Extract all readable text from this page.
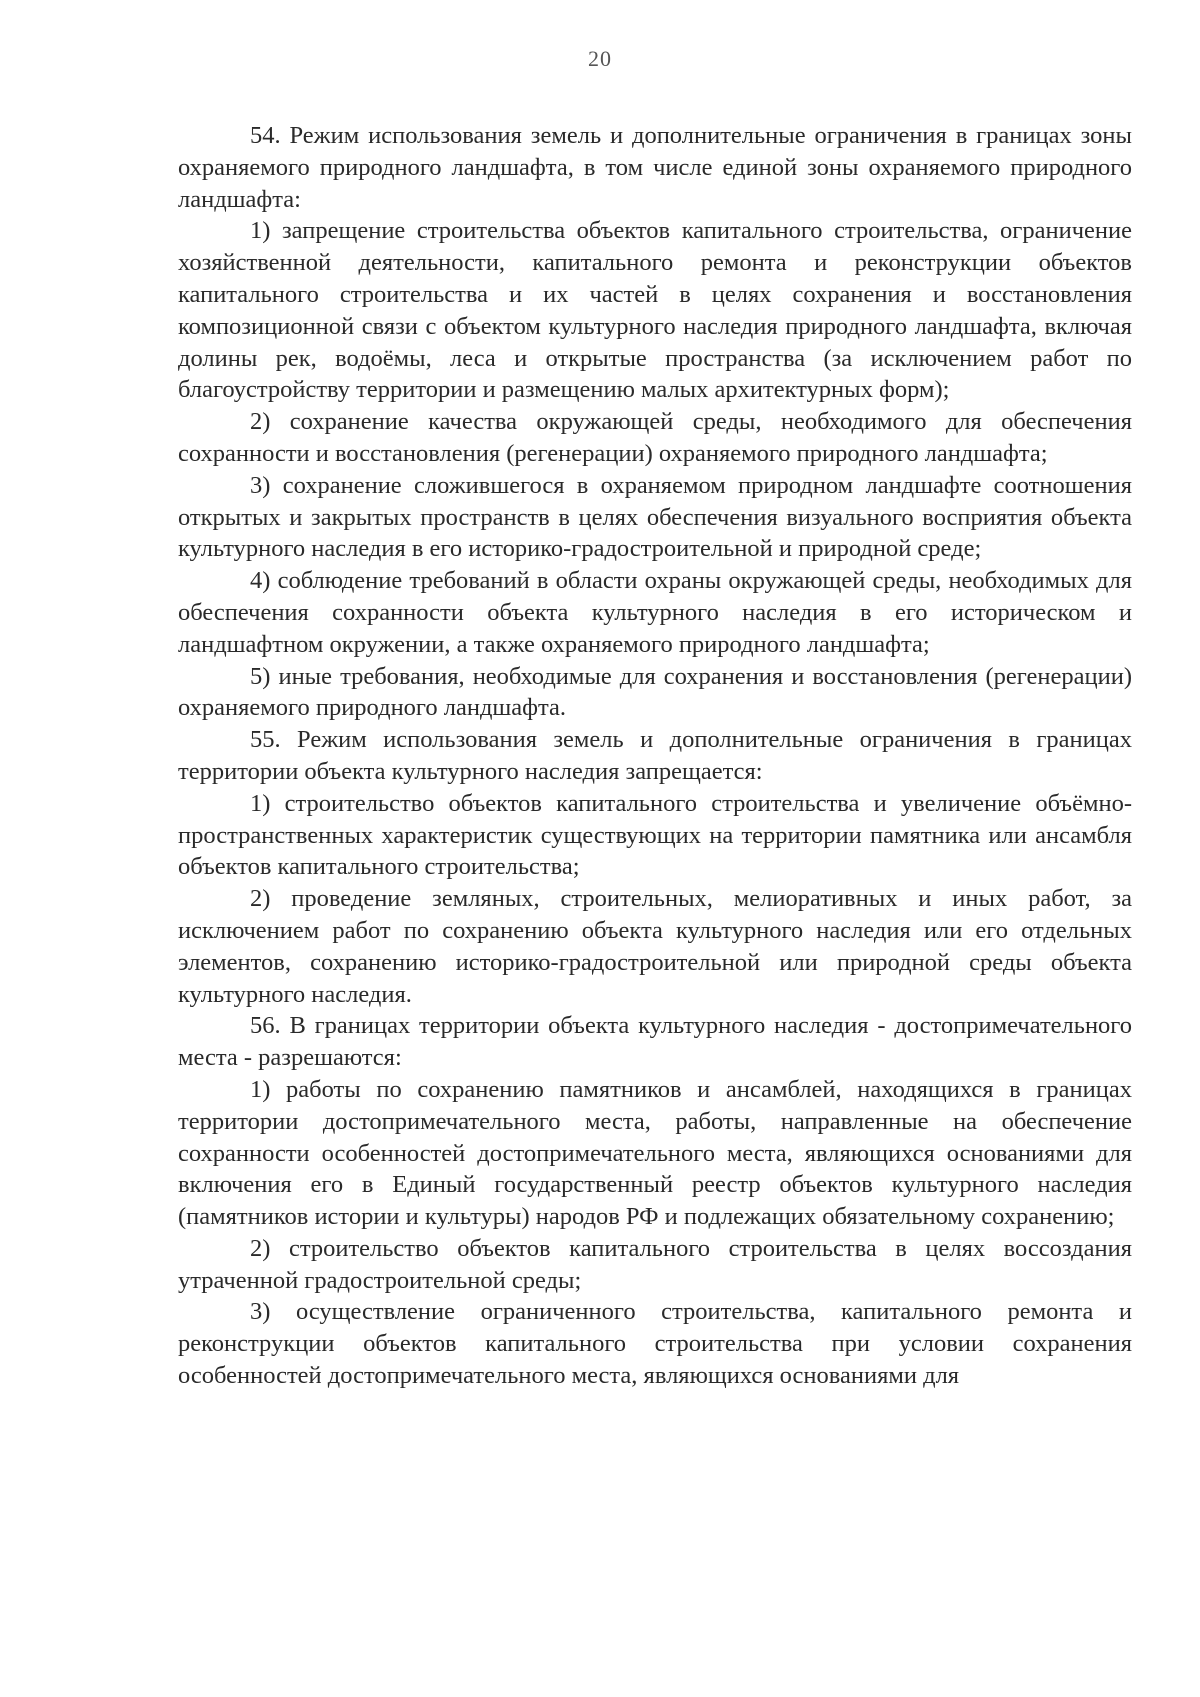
20

54. Режим использования земель и дополнительные ограничения в границах зоны охраняемого природного ландшафта, в том числе единой зоны охраняемого природного ландшафта:

1) запрещение строительства объектов капитального строительства, ограничение хозяйственной деятельности, капитального ремонта и реконструкции объектов капитального строительства и их частей в целях сохранения и восстановления композиционной связи с объектом культурного наследия природного ландшафта, включая долины рек, водоёмы, леса и открытые пространства (за исключением работ по благоустройству территории и размещению малых архитектурных форм);

2) сохранение качества окружающей среды, необходимого для обеспечения сохранности и восстановления (регенерации) охраняемого природного ландшафта;

3) сохранение сложившегося в охраняемом природном ландшафте соотношения открытых и закрытых пространств в целях обеспечения визуального восприятия объекта культурного наследия в его историко-градостроительной и природной среде;

4) соблюдение требований в области охраны окружающей среды, необходимых для обеспечения сохранности объекта культурного наследия в его историческом и ландшафтном окружении, а также охраняемого природного ландшафта;

5) иные требования, необходимые для сохранения и восстановления (регенерации) охраняемого природного ландшафта.

55. Режим использования земель и дополнительные ограничения в границах территории объекта культурного наследия запрещается:

1) строительство объектов капитального строительства и увеличение объёмно-пространственных характеристик существующих на территории памятника или ансамбля объектов капитального строительства;

2) проведение земляных, строительных, мелиоративных и иных работ, за исключением работ по сохранению объекта культурного наследия или его отдельных элементов, сохранению историко-градостроительной или природной среды объекта культурного наследия.

56. В границах территории объекта культурного наследия - достопримечательного места - разрешаются:

1) работы по сохранению памятников и ансамблей, находящихся в границах территории достопримечательного места, работы, направленные на обеспечение сохранности особенностей достопримечательного места, являющихся основаниями для включения его в Единый государственный реестр объектов культурного наследия (памятников истории и культуры) народов РФ и подлежащих обязательному сохранению;

2) строительство объектов капитального строительства в целях воссоздания утраченной градостроительной среды;

3) осуществление ограниченного строительства, капитального ремонта и реконструкции объектов капитального строительства при условии сохранения особенностей достопримечательного места, являющихся основаниями для
